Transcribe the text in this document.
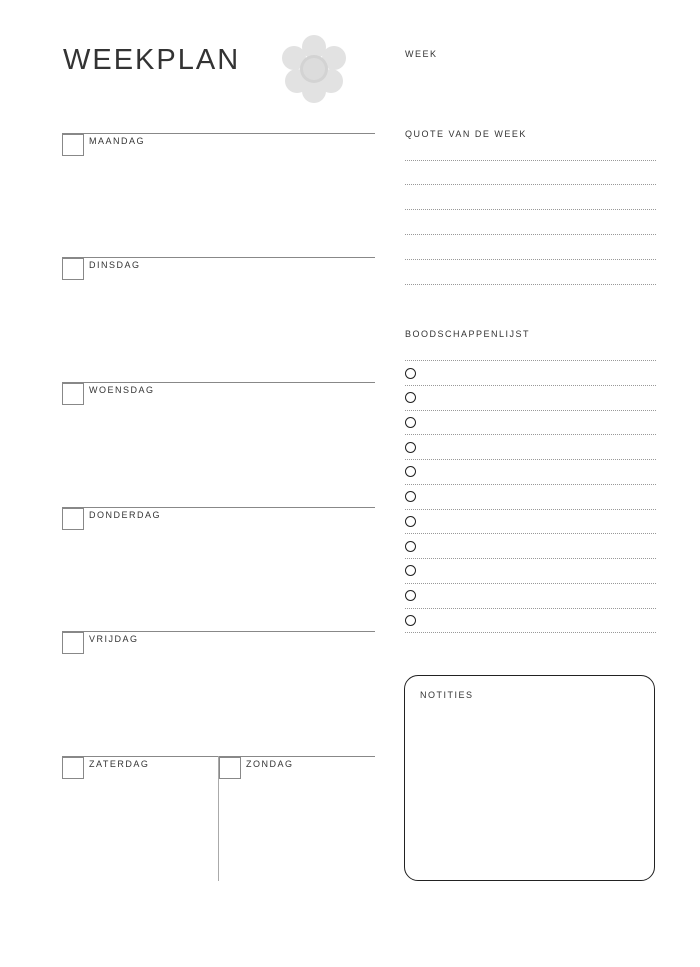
WEEKPLAN
MAANDAG
DINSDAG
WOENSDAG
DONDERDAG
VRIJDAG
ZATERDAG	ZONDAG
WEEK
QUOTE VAN DE WEEK
BOODSCHAPPENLIJST
NOTITIES
